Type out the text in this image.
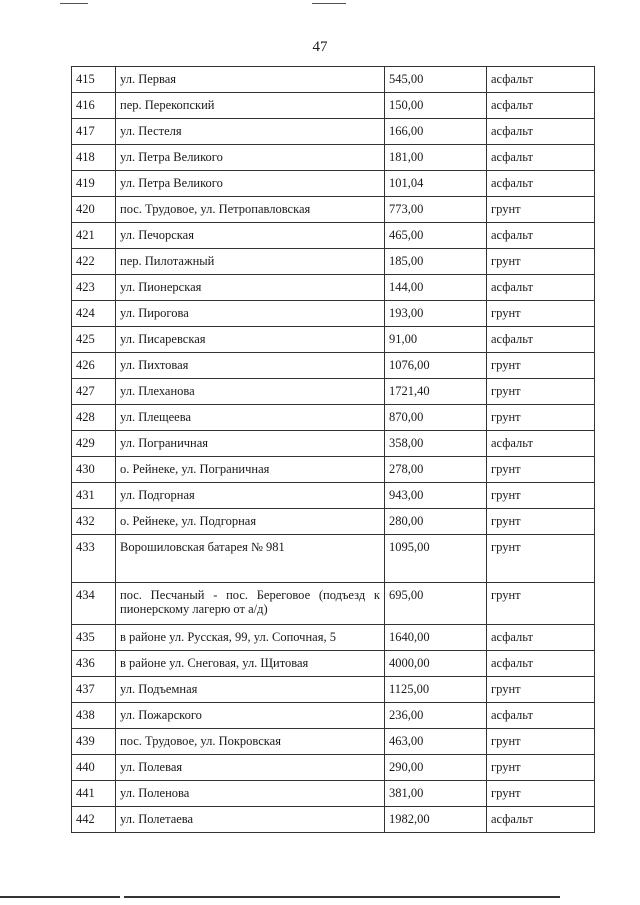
47
415	ул. Первая	545,00	асфальт
416	пер. Перекопский	150,00	асфальт
417	ул. Пестеля	166,00	асфальт
418	ул. Петра Великого	181,00	асфальт
419	ул. Петра Великого	101,04	асфальт
420	пос. Трудовое, ул. Петропавловская	773,00	грунт
421	ул. Печорская	465,00	асфальт
422	пер. Пилотажный	185,00	грунт
423	ул. Пионерская	144,00	асфальт
424	ул. Пирогова	193,00	грунт
425	ул. Писаревская	91,00	асфальт
426	ул. Пихтовая	1076,00	грунт
427	ул. Плеханова	1721,40	грунт
428	ул. Плещеева	870,00	грунт
429	ул. Пограничная	358,00	асфальт
430	о. Рейнеке, ул. Пограничная	278,00	грунт
431	ул. Подгорная	943,00	грунт
432	о. Рейнеке, ул. Подгорная	280,00	грунт
433	Ворошиловская батарея № 981	1095,00	грунт
434	пос. Песчаный - пос. Береговое (подъезд к пионерскому лагерю от а/д)	695,00	грунт
435	в районе ул. Русская, 99, ул. Сопочная, 5	1640,00	асфальт
436	в районе ул. Снеговая, ул. Щитовая	4000,00	асфальт
437	ул. Подъемная	1125,00	грунт
438	ул. Пожарского	236,00	асфальт
439	пос. Трудовое, ул. Покровская	463,00	грунт
440	ул. Полевая	290,00	грунт
441	ул. Поленова	381,00	грунт
442	ул. Полетаева	1982,00	асфальт
